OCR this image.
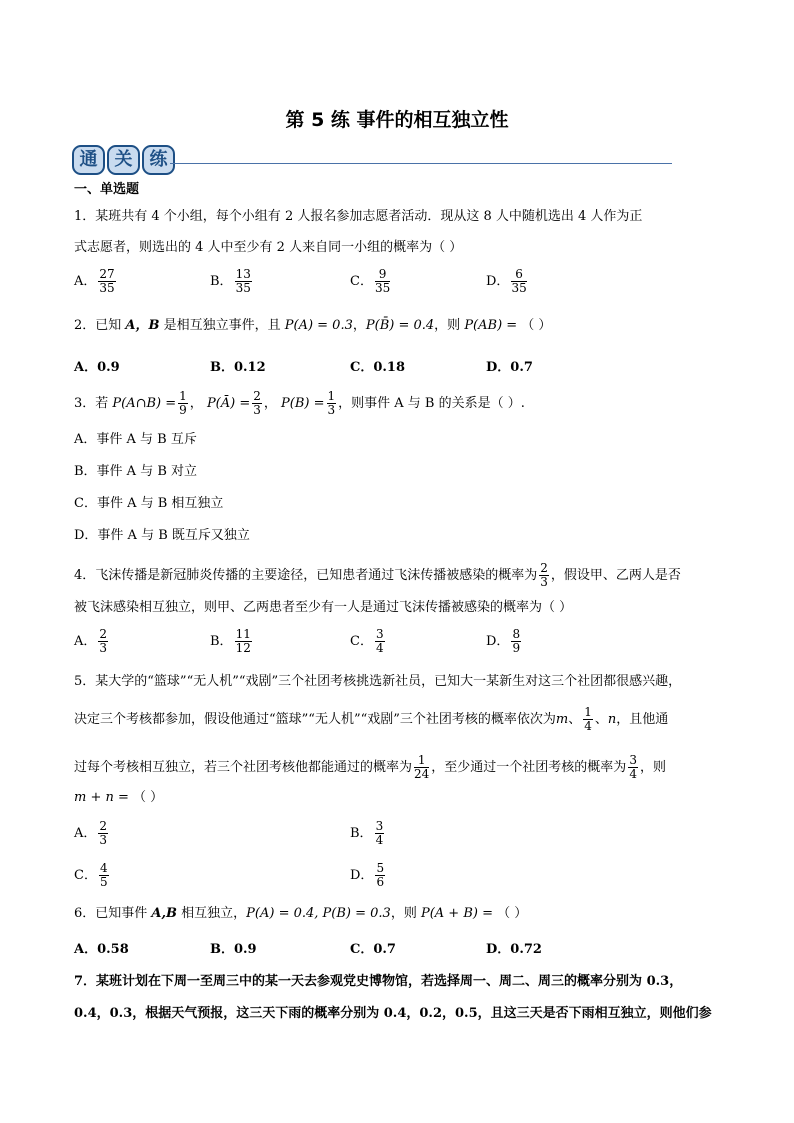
第 5 练 事件的相互独立性
通 关 练
一、单选题
1．某班共有 4 个小组，每个小组有 2 人报名参加志愿者活动．现从这 8 人中随机选出 4 人作为正
式志愿者，则选出的 4 人中至少有 2 人来自同一小组的概率为（ ）
A． $\frac{27}{35}$	B． $\frac{13}{35}$	C． $\frac{9}{35}$	D． $\frac{6}{35}$
2．已知 A，B 是相互独立事件，且 P(A) = 0.3，P(B̄) = 0.4，则 P(AB) = （ ）
A．0.9	B．0.12	C．0.18	D．0.7
3．若 P(A∩B) = $\frac{1}{9}$ ， P(Ā) = $\frac{2}{3}$ ， $P(B) = \frac{1}{3}$ ，则事件 A 与 B 的关系是（ ）.
A．事件 A 与 B 互斥
B．事件 A 与 B 对立
C．事件 A 与 B 相互独立
D．事件 A 与 B 既互斥又独立
4．飞沫传播是新冠肺炎传播的主要途径，已知患者通过飞沫传播被感染的概率为 $\frac{2}{3}$ ，假设甲、乙两人是否
被飞沫感染相互独立，则甲、乙两患者至少有一人是通过飞沫传播被感染的概率为（ ）
A． $\frac{2}{3}$	B． $\frac{11}{12}$	C． $\frac{3}{4}$	D． $\frac{8}{9}$
5．某大学的“篮球”“无人机”“戏剧”三个社团考核挑选新社员，已知大一某新生对这三个社团都很感兴趣，
决定三个考核都参加，假设他通过“篮球”“无人机”“戏剧”三个社团考核的概率依次为m、 $\frac{1}{4}$ 、n，且他通
过每个考核相互独立，若三个社团考核他都能通过的概率为 $\frac{1}{24}$ ，至少通过一个社团考核的概率为 $\frac{3}{4}$ ，则
m + n = （ ）
A． $\frac{2}{3}$	B． $\frac{3}{4}$
C． $\frac{4}{5}$	D． $\frac{5}{6}$
6．已知事件 A,B 相互独立，P(A) = 0.4, P(B) = 0.3，则 P(A + B) = （ ）
A．0.58	B．0.9	C．0.7	D．0.72
7．某班计划在下周一至周三中的某一天去参观党史博物馆，若选择周一、周二、周三的概率分别为 0.3，
0.4，0.3，根据天气预报，这三天下雨的概率分别为 0.4，0.2，0.5，且这三天是否下雨相互独立，则他们参
